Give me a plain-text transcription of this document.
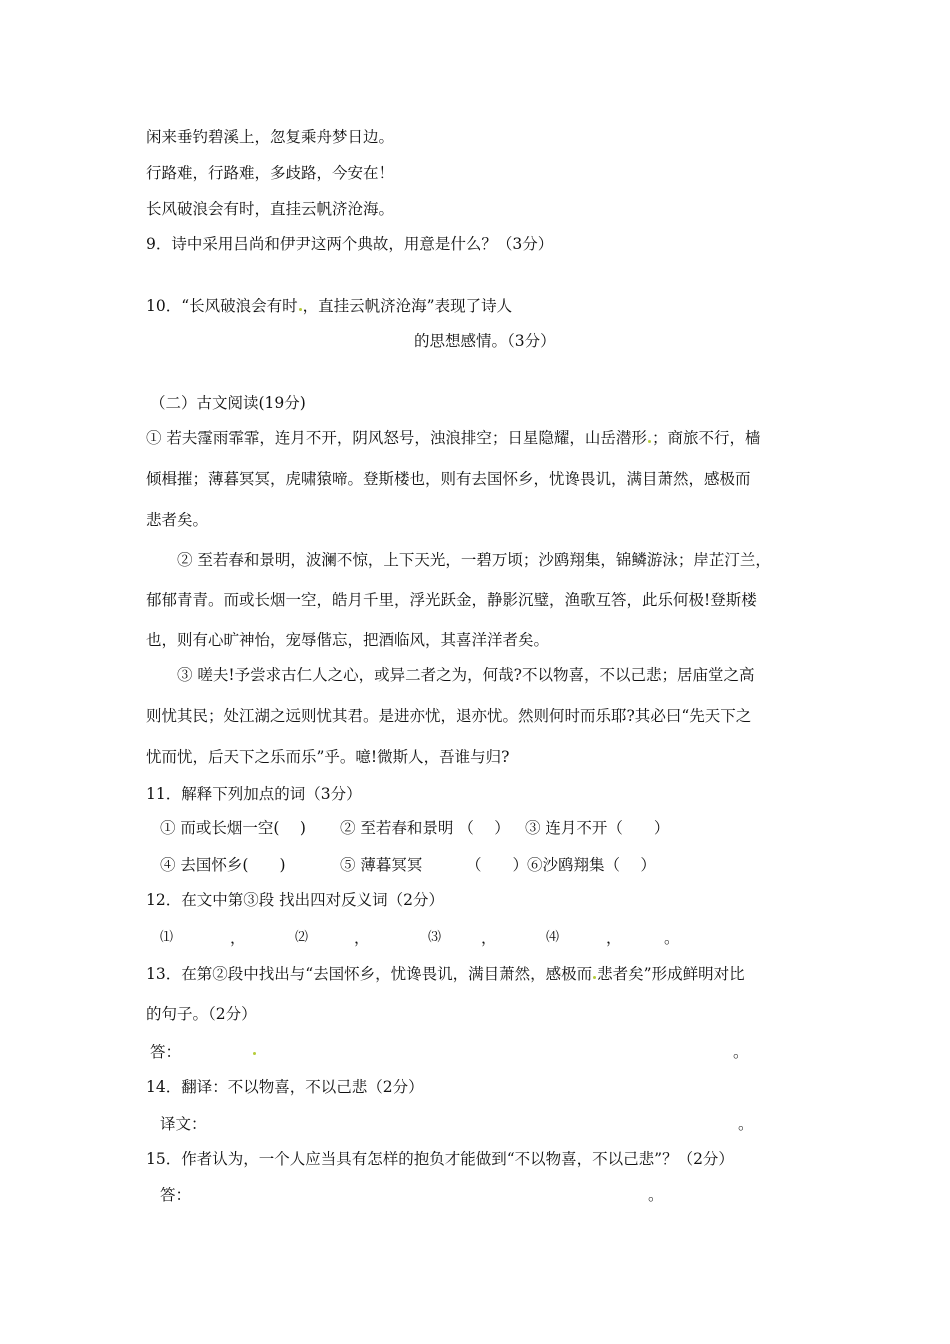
闲来垂钓碧溪上，忽复乘舟梦日边。
行路难，行路难，多歧路，今安在！
长风破浪会有时，直挂云帆济沧海。
9．诗中采用吕尚和伊尹这两个典故，用意是什么？（3分）
10．“长风破浪会有时 ，直挂云帆济沧海”表现了诗人
的思想感情。（3分）
（二）古文阅读(19分)
① 若夫霪雨霏霏，连月不开，阴风怒号，浊浪排空；日星隐耀，山岳潜形 ；商旅不行，樯
倾楫摧；薄暮冥冥，虎啸猿啼。登斯楼也，则有去国怀乡，忧谗畏讥，满目萧然，感极而
悲者矣。
② 至若春和景明，波澜不惊，上下天光，一碧万顷；沙鸥翔集，锦鳞游泳；岸芷汀兰，
郁郁青青。而或长烟一空，皓月千里，浮光跃金，静影沉璧，渔歌互答，此乐何极!登斯楼
也，则有心旷神怡，宠辱偕忘，把酒临风，其喜洋洋者矣。
③ 嗟夫!予尝求古仁人之心，或异二者之为，何哉?不以物喜，不以己悲；居庙堂之高
则忧其民；处江湖之远则忧其君。是进亦忧，退亦忧。然则何时而乐耶?其必曰“先天下之
忧而忧，后天下之乐而乐”乎。噫!微斯人，吾谁与归?
11．解释下列加点的词（3分）
① 而或长烟一空(　 ) ② 至若春和景明 （　 ） ③ 连月不开（　　）
④ 去国怀乡(　　)	⑤ 薄暮冥冥	（　　）
⑥沙鸥翔集（　 ）
12．在文中第③段 找出四对反义词（2分）
⑴	，	⑵	，	⑶	，	⑷	，	。
13．在第②段中找出与“去国怀乡，忧谗畏讥，满目萧然，感极而 悲者矣”形成鲜明对比
的句子。（2分）
答：	。
14．翻译：不以物喜，不以己悲（2分）
译文：	。
15．作者认为，一个人应当具有怎样的抱负才能做到“不以物喜，不以己悲”？（2分）
答：	。
